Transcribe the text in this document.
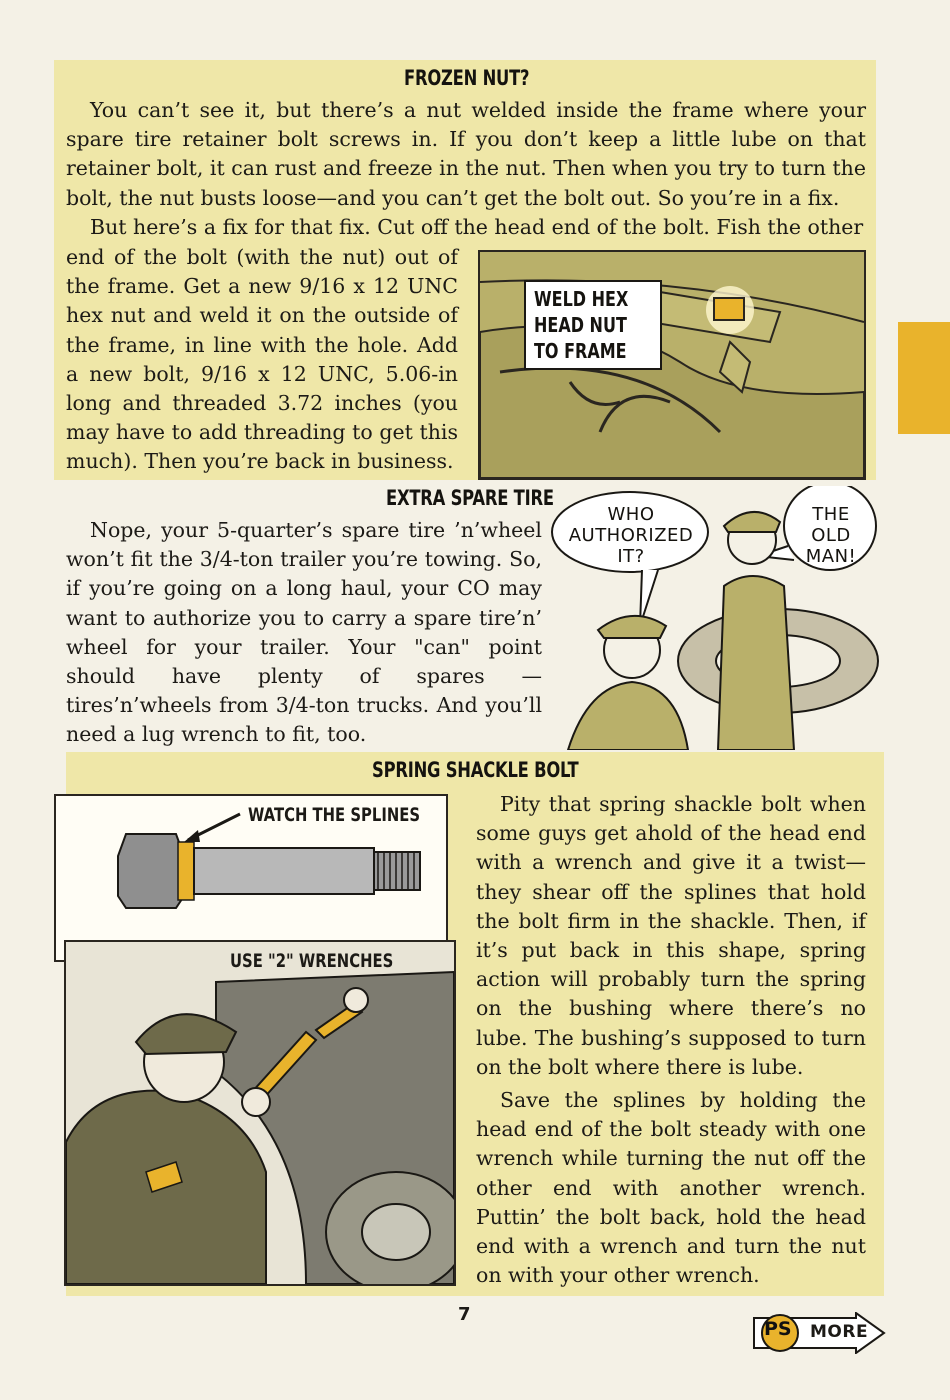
FROZEN NUT?

You can’t see it, but there’s a nut welded inside the frame where your spare tire retainer bolt screws in. If you don’t keep a little lube on that retainer bolt, it can rust and freeze in the nut. Then when you try to turn the bolt, the nut busts loose—and you can’t get the bolt out. So you’re in a fix.

But here’s a fix for that fix. Cut off the head end of the bolt. Fish the other

end of the bolt (with the nut) out of the frame. Get a new 9/16 x 12 UNC hex nut and weld it on the outside of the frame, in line with the hole. Add a new bolt, 9/16 x 12 UNC, 5.06-in long and threaded 3.72 inches (you may have to add threading to get this much). Then you’re back in business.

WELD HEX
HEAD NUT
TO FRAME
EXTRA SPARE TIRE

Nope, your 5-quarter’s spare tire ’n’wheel won’t fit the 3/4-ton trailer you’re towing. So, if you’re going on a long haul, your CO may want to authorize you to carry a spare tire’n’ wheel for your trailer. Your "can" point should have plenty of spares — tires’n’wheels from 3/4-ton trucks. And you’ll need a lug wrench to fit, too.

WHO
AUTHORIZED
IT?
THE
OLD
MAN!
SPRING SHACKLE BOLT
WATCH THE SPLINES
USE "2" WRENCHES

Pity that spring shackle bolt when some guys get ahold of the head end with a wrench and give it a twist—they shear off the splines that hold the bolt firm in the shackle. Then, if it’s put back in this shape, spring action will probably turn the spring on the bushing where there’s no lube. The bushing’s supposed to turn on the bolt where there is lube.

Save the splines by holding the head end of the bolt steady with one wrench while turning the nut off the other end with another wrench. Puttin’ the bolt back, hold the head end with a wrench and turn the nut on with your other wrench.

7
PS MORE
